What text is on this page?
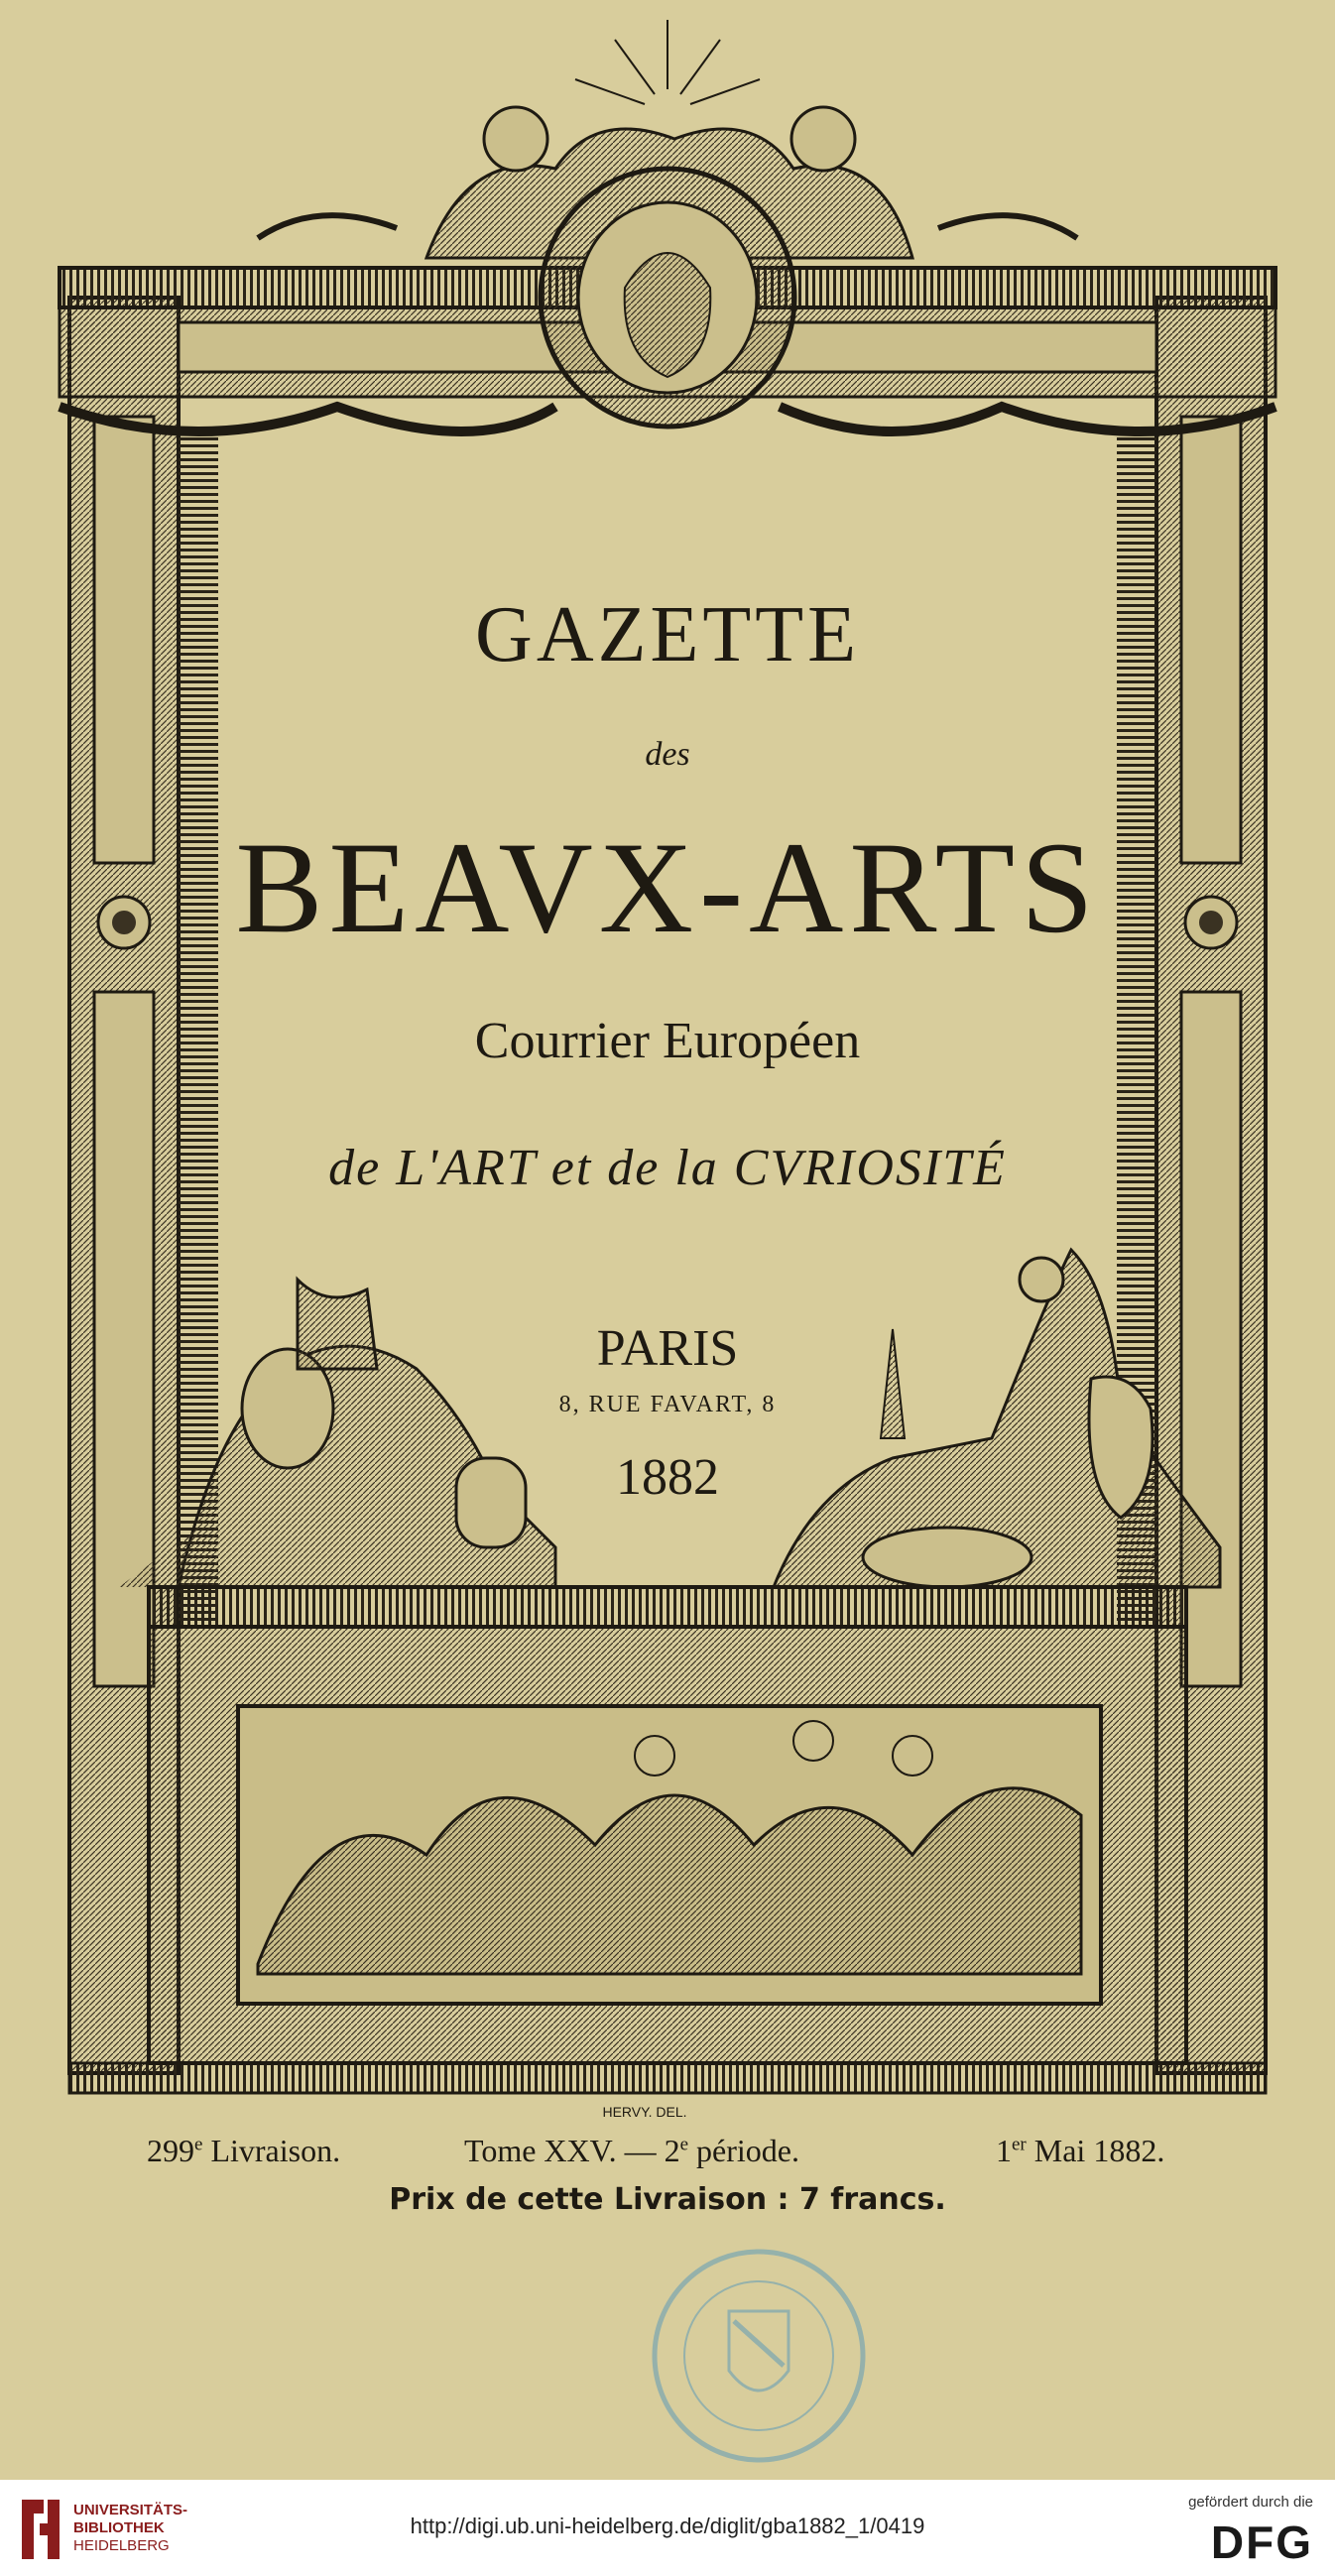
GAZETTE
des
BEAVX-ARTS
Courrier Européen
de L'ART et de la CVRIOSITÉ
PARIS
8, RUE FAVART, 8
1882
HERVY. DEL.
299e Livraison.	Tome XXV. — 2e période.	1er Mai 1882.
Prix de cette Livraison : 7 francs.
UNIVERSITÄTS-
BIBLIOTHEK
HEIDELBERG
http://digi.ub.uni-heidelberg.de/diglit/gba1882_1/0419
gefördert durch die
DFG
